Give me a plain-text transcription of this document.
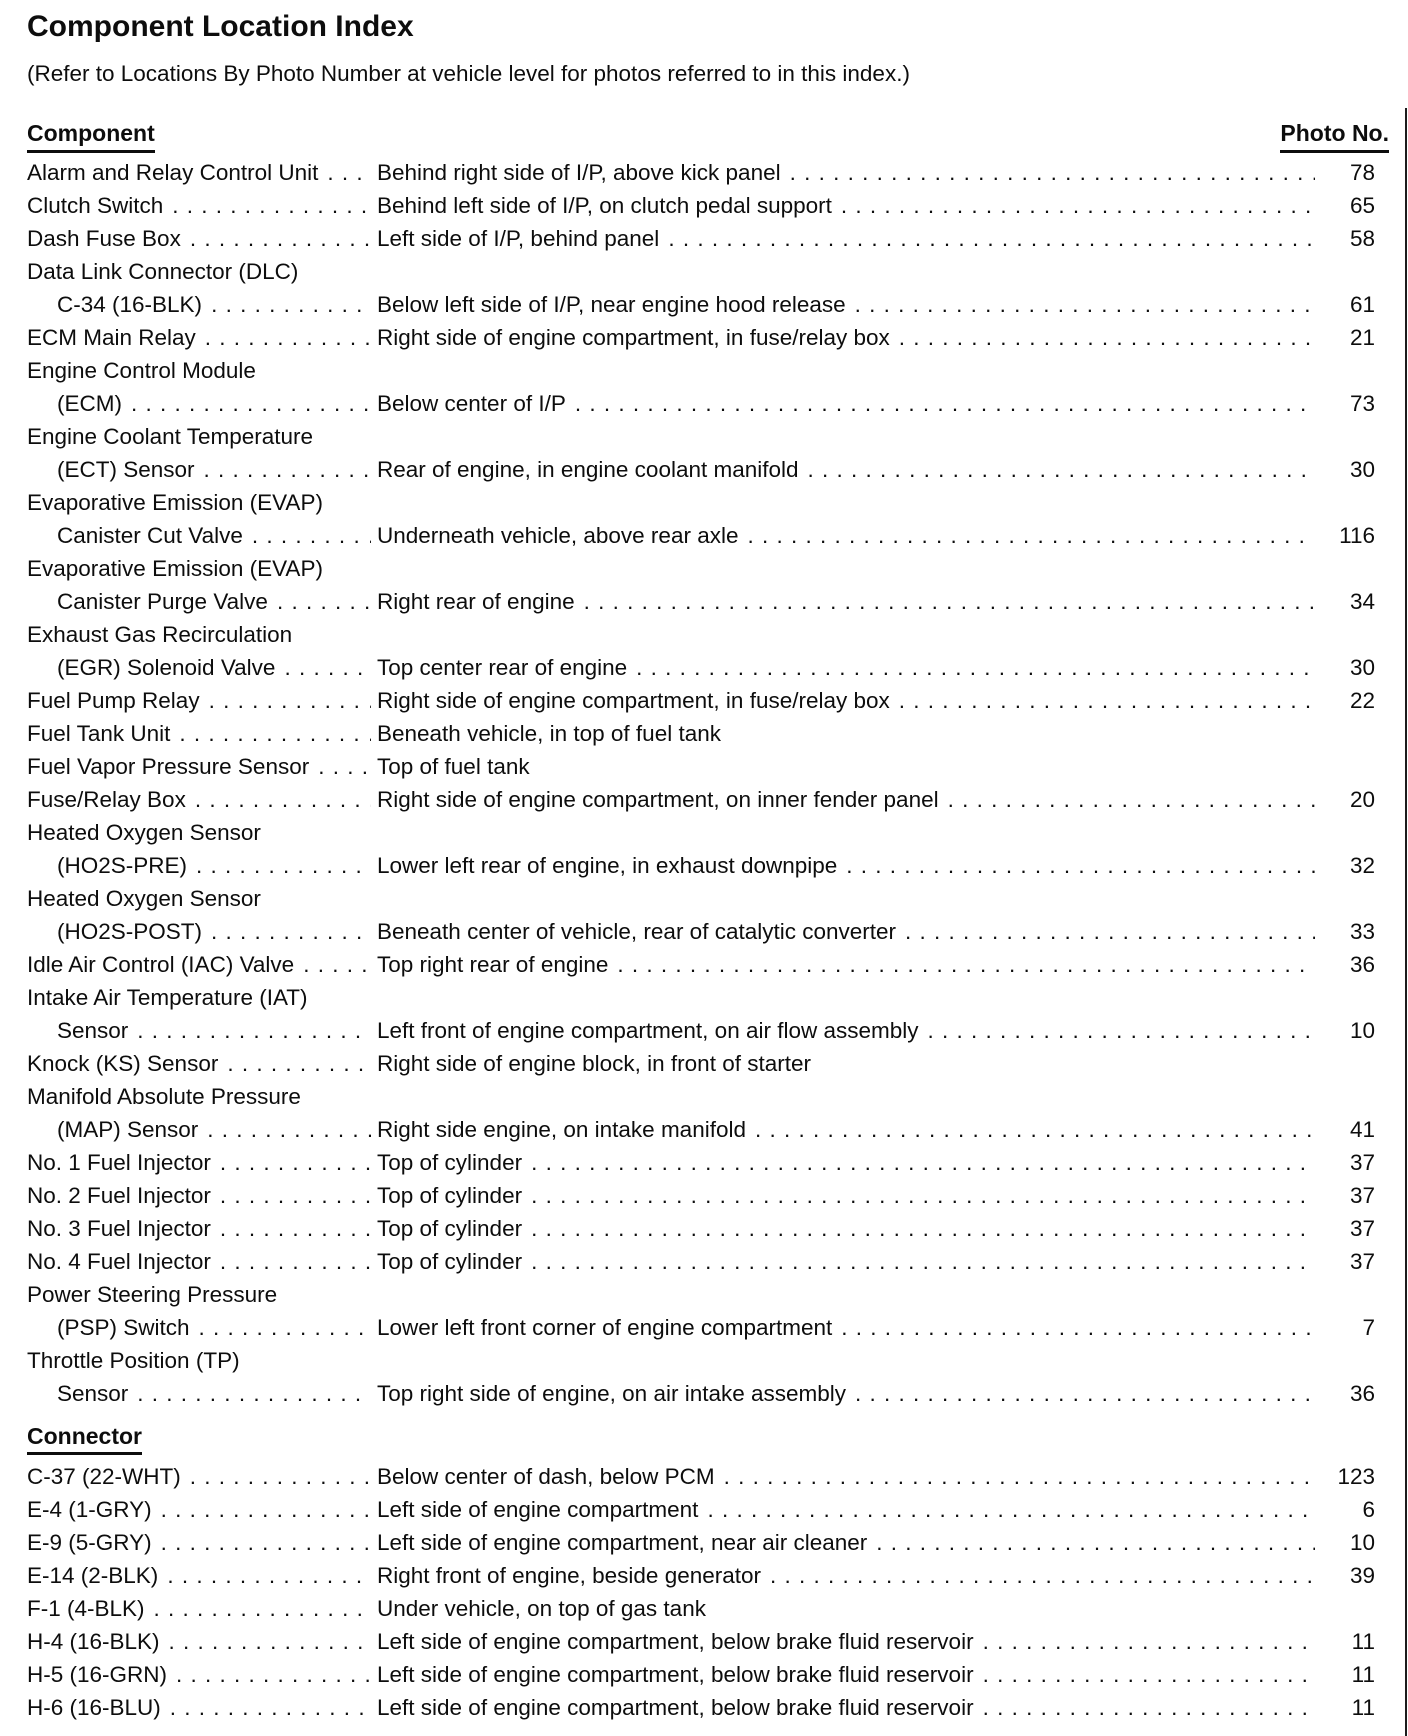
Component Location Index

(Refer to Locations By Photo Number at vehicle level for photos referred to in this index.)

Component	Photo No.
Alarm and Relay Control Unit . . .	Behind right side of I/P, above kick panel . . .	78
Clutch Switch . . .	Behind left side of I/P, on clutch pedal support . . .	65
Dash Fuse Box . . .	Left side of I/P, behind panel . . .	58
Data Link Connector (DLC)
C-34 (16-BLK) . . .	Below left side of I/P, near engine hood release . . .	61
ECM Main Relay . . .	Right side of engine compartment, in fuse/relay box . . .	21
Engine Control Module
(ECM) . . .	Below center of I/P . . .	73
Engine Coolant Temperature
(ECT) Sensor . . .	Rear of engine, in engine coolant manifold . . .	30
Evaporative Emission (EVAP)
Canister Cut Valve . . .	Underneath vehicle, above rear axle . . .	116
Evaporative Emission (EVAP)
Canister Purge Valve . . .	Right rear of engine . . .	34
Exhaust Gas Recirculation
(EGR) Solenoid Valve . . .	Top center rear of engine . . .	30
Fuel Pump Relay . . .	Right side of engine compartment, in fuse/relay box . . .	22
Fuel Tank Unit . . .	Beneath vehicle, in top of fuel tank
Fuel Vapor Pressure Sensor . . .	Top of fuel tank
Fuse/Relay Box . . .	Right side of engine compartment, on inner fender panel . . .	20
Heated Oxygen Sensor
(HO2S-PRE) . . .	Lower left rear of engine, in exhaust downpipe . . .	32
Heated Oxygen Sensor
(HO2S-POST) . . .	Beneath center of vehicle, rear of catalytic converter . . .	33
Idle Air Control (IAC) Valve . . .	Top right rear of engine . . .	36
Intake Air Temperature (IAT)
Sensor . . .	Left front of engine compartment, on air flow assembly . . .	10
Knock (KS) Sensor . . .	Right side of engine block, in front of starter
Manifold Absolute Pressure
(MAP) Sensor . . .	Right side engine, on intake manifold . . .	41
No. 1 Fuel Injector . . .	Top of cylinder . . .	37
No. 2 Fuel Injector . . .	Top of cylinder . . .	37
No. 3 Fuel Injector . . .	Top of cylinder . . .	37
No. 4 Fuel Injector . . .	Top of cylinder . . .	37
Power Steering Pressure
(PSP) Switch . . .	Lower left front corner of engine compartment . . .	7
Throttle Position (TP)
Sensor . . .	Top right side of engine, on air intake assembly . . .	36
Connector
C-37 (22-WHT) . . .	Below center of dash, below PCM . . .	123
E-4 (1-GRY) . . .	Left side of engine compartment . . .	6
E-9 (5-GRY) . . .	Left side of engine compartment, near air cleaner . . .	10
E-14 (2-BLK) . . .	Right front of engine, beside generator . . .	39
F-1 (4-BLK) . . .	Under vehicle, on top of gas tank
H-4 (16-BLK) . . .	Left side of engine compartment, below brake fluid reservoir . . .	11
H-5 (16-GRN) . . .	Left side of engine compartment, below brake fluid reservoir . . .	11
H-6 (16-BLU) . . .	Left side of engine compartment, below brake fluid reservoir . . .	11
